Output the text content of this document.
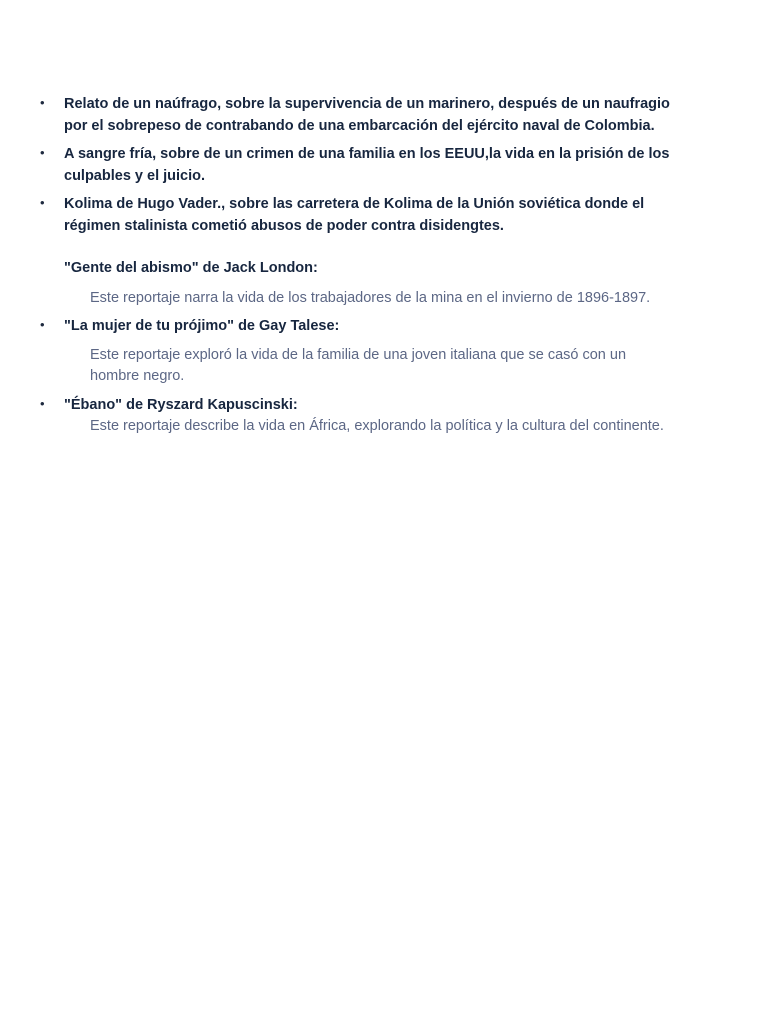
• Relato de un naúfrago, sobre la supervivencia de un marinero, después de un naufragio por el sobrepeso de contrabando de una embarcación del ejército naval de Colombia.
• A sangre fría, sobre de un crimen de una familia en los EEUU,la vida en la prisión de los culpables y el juicio.
• Kolima de Hugo Vader., sobre las carretera de Kolima de la Unión soviética donde el régimen stalinista cometió abusos de poder contra disidengtes.
"Gente del abismo" de Jack London:
Este reportaje narra la vida de los trabajadores de la mina en el invierno de 1896-1897.
• "La mujer de tu prójimo" de Gay Talese:
Este reportaje exploró la vida de la familia de una joven italiana que se casó con un hombre negro.
• "Ébano" de Ryszard Kapuscinski:
Este reportaje describe la vida en África, explorando la política y la cultura del continente.
